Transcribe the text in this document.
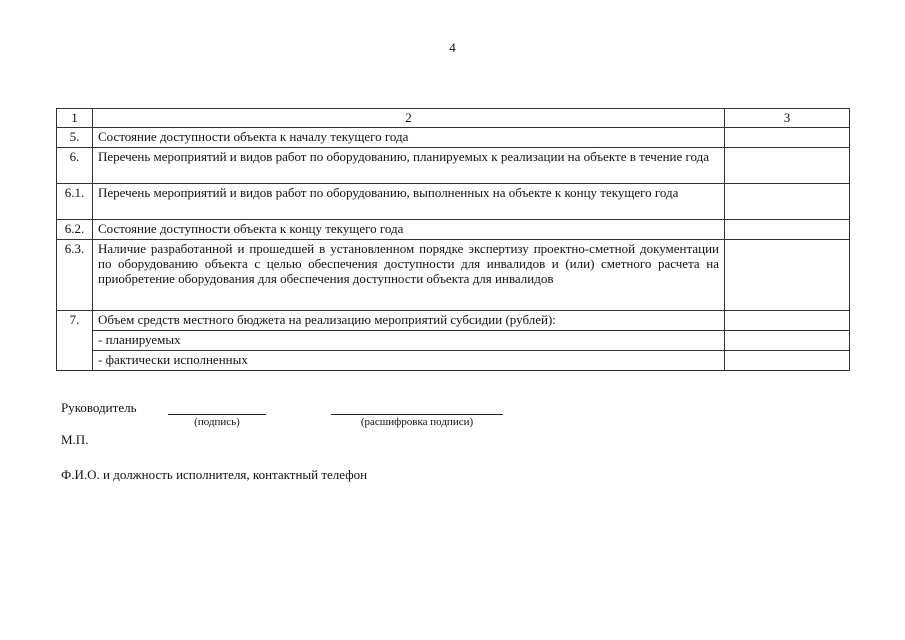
4
1	2	3
5.	Состояние доступности объекта к началу текущего года	
6.	Перечень мероприятий и видов работ по оборудованию, планируемых к реализации на объекте в течение года	
6.1.	Перечень мероприятий и видов работ по оборудованию, выполненных на объекте к концу текущего года	
6.2.	Состояние доступности объекта к концу текущего года	
6.3.	Наличие разработанной и прошедшей в установленном порядке экспертизу проектно-сметной документации по оборудованию объекта с целью обеспечения доступности для инвалидов и (или) сметного расчета на приобретение оборудования для обеспечения доступности объекта для инвалидов	
7.	Объем средств местного бюджета на реализацию мероприятий субсидии (рублей):	
	- планируемых	
	- фактически исполненных	
Руководитель
(подпись)	(расшифровка подписи)
М.П.
Ф.И.О. и должность исполнителя, контактный телефон
